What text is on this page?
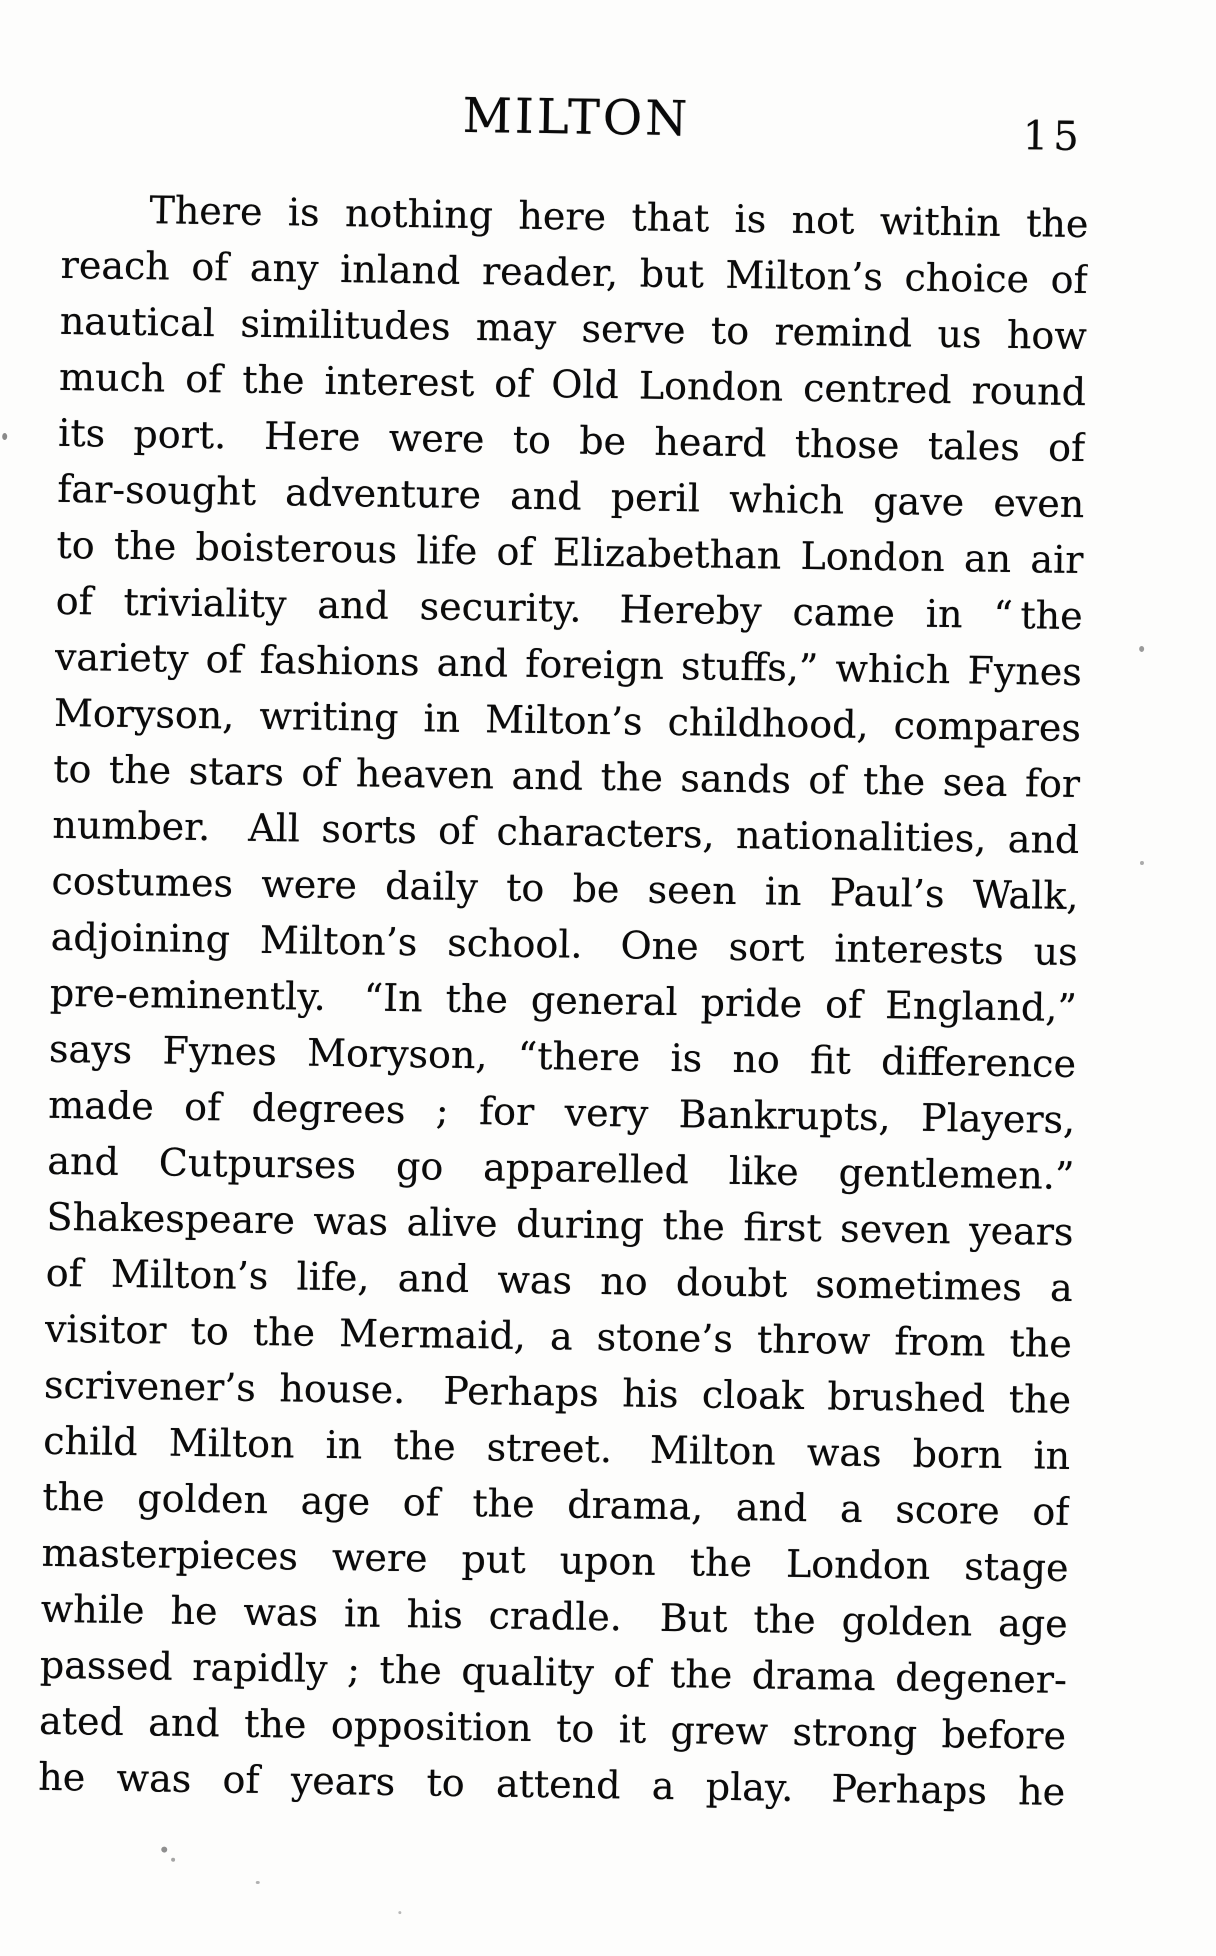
MILTON	15
There is nothing here that is not within the
reach of any inland reader, but Milton’s choice of
nautical similitudes may serve to remind us how
much of the interest of Old London centred round
its port. Here were to be heard those tales of
far-sought adventure and peril which gave even
to the boisterous life of Elizabethan London an air
of triviality and security. Hereby came in “ the
variety of fashions and foreign stuffs,” which Fynes
Moryson, writing in Milton’s childhood, compares
to the stars of heaven and the sands of the sea for
number. All sorts of characters, nationalities, and
costumes were daily to be seen in Paul’s Walk,
adjoining Milton’s school. One sort interests us
pre-eminently. “In the general pride of England,”
says Fynes Moryson, “there is no fit difference
made of degrees ; for very Bankrupts, Players,
and Cutpurses go apparelled like gentlemen.”
Shakespeare was alive during the first seven years
of Milton’s life, and was no doubt sometimes a
visitor to the Mermaid, a stone’s throw from the
scrivener’s house. Perhaps his cloak brushed the
child Milton in the street. Milton was born in
the golden age of the drama, and a score of
masterpieces were put upon the London stage
while he was in his cradle. But the golden age
passed rapidly ; the quality of the drama degener-
ated and the opposition to it grew strong before
he was of years to attend a play. Perhaps he
